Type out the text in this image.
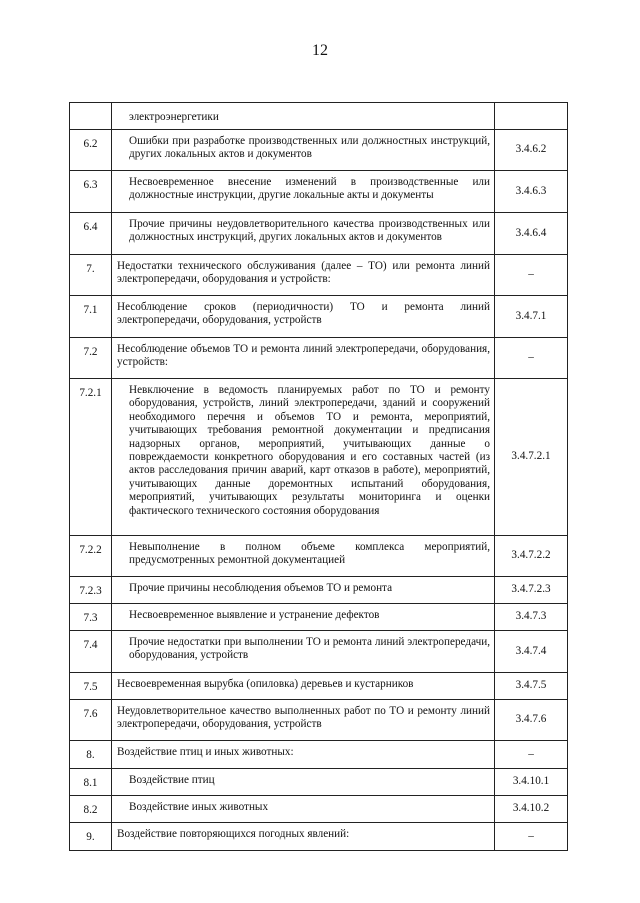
12
	электроэнергетики	
6.2	Ошибки при разработке производственных или должностных инструкций, других локальных актов и документов	3.4.6.2
6.3	Несвоевременное внесение изменений в производственные или должностные инструкции, другие локальные акты и документы	3.4.6.3
6.4	Прочие причины неудовлетворительного качества производственных или должностных инструкций, других локальных актов и документов	3.4.6.4
7.	Недостатки технического обслуживания (далее – ТО) или ремонта линий электропередачи, оборудования и устройств:	–
7.1	Несоблюдение сроков (периодичности) ТО и ремонта линий электропередачи, оборудования, устройств	3.4.7.1
7.2	Несоблюдение объемов ТО и ремонта линий электропередачи, оборудования, устройств:	–
7.2.1	Невключение в ведомость планируемых работ по ТО и ремонту оборудования, устройств, линий электропередачи, зданий и сооружений необходимого перечня и объемов ТО и ремонта, мероприятий, учитывающих требования ремонтной документации и предписания надзорных органов, мероприятий, учитывающих данные о повреждаемости конкретного оборудования и его составных частей (из актов расследования причин аварий, карт отказов в работе), мероприятий, учитывающих данные доремонтных испытаний оборудования, мероприятий, учитывающих результаты мониторинга и оценки фактического технического состояния оборудования	3.4.7.2.1
7.2.2	Невыполнение в полном объеме комплекса мероприятий, предусмотренных ремонтной документацией	3.4.7.2.2
7.2.3	Прочие причины несоблюдения объемов ТО и ремонта	3.4.7.2.3
7.3	Несвоевременное выявление и устранение дефектов	3.4.7.3
7.4	Прочие недостатки при выполнении ТО и ремонта линий электропередачи, оборудования, устройств	3.4.7.4
7.5	Несвоевременная вырубка (опиловка) деревьев и кустарников	3.4.7.5
7.6	Неудовлетворительное качество выполненных работ по ТО и ремонту линий электропередачи, оборудования, устройств	3.4.7.6
8.	Воздействие птиц и иных животных:	–
8.1	Воздействие птиц	3.4.10.1
8.2	Воздействие иных животных	3.4.10.2
9.	Воздействие повторяющихся погодных явлений:	–
